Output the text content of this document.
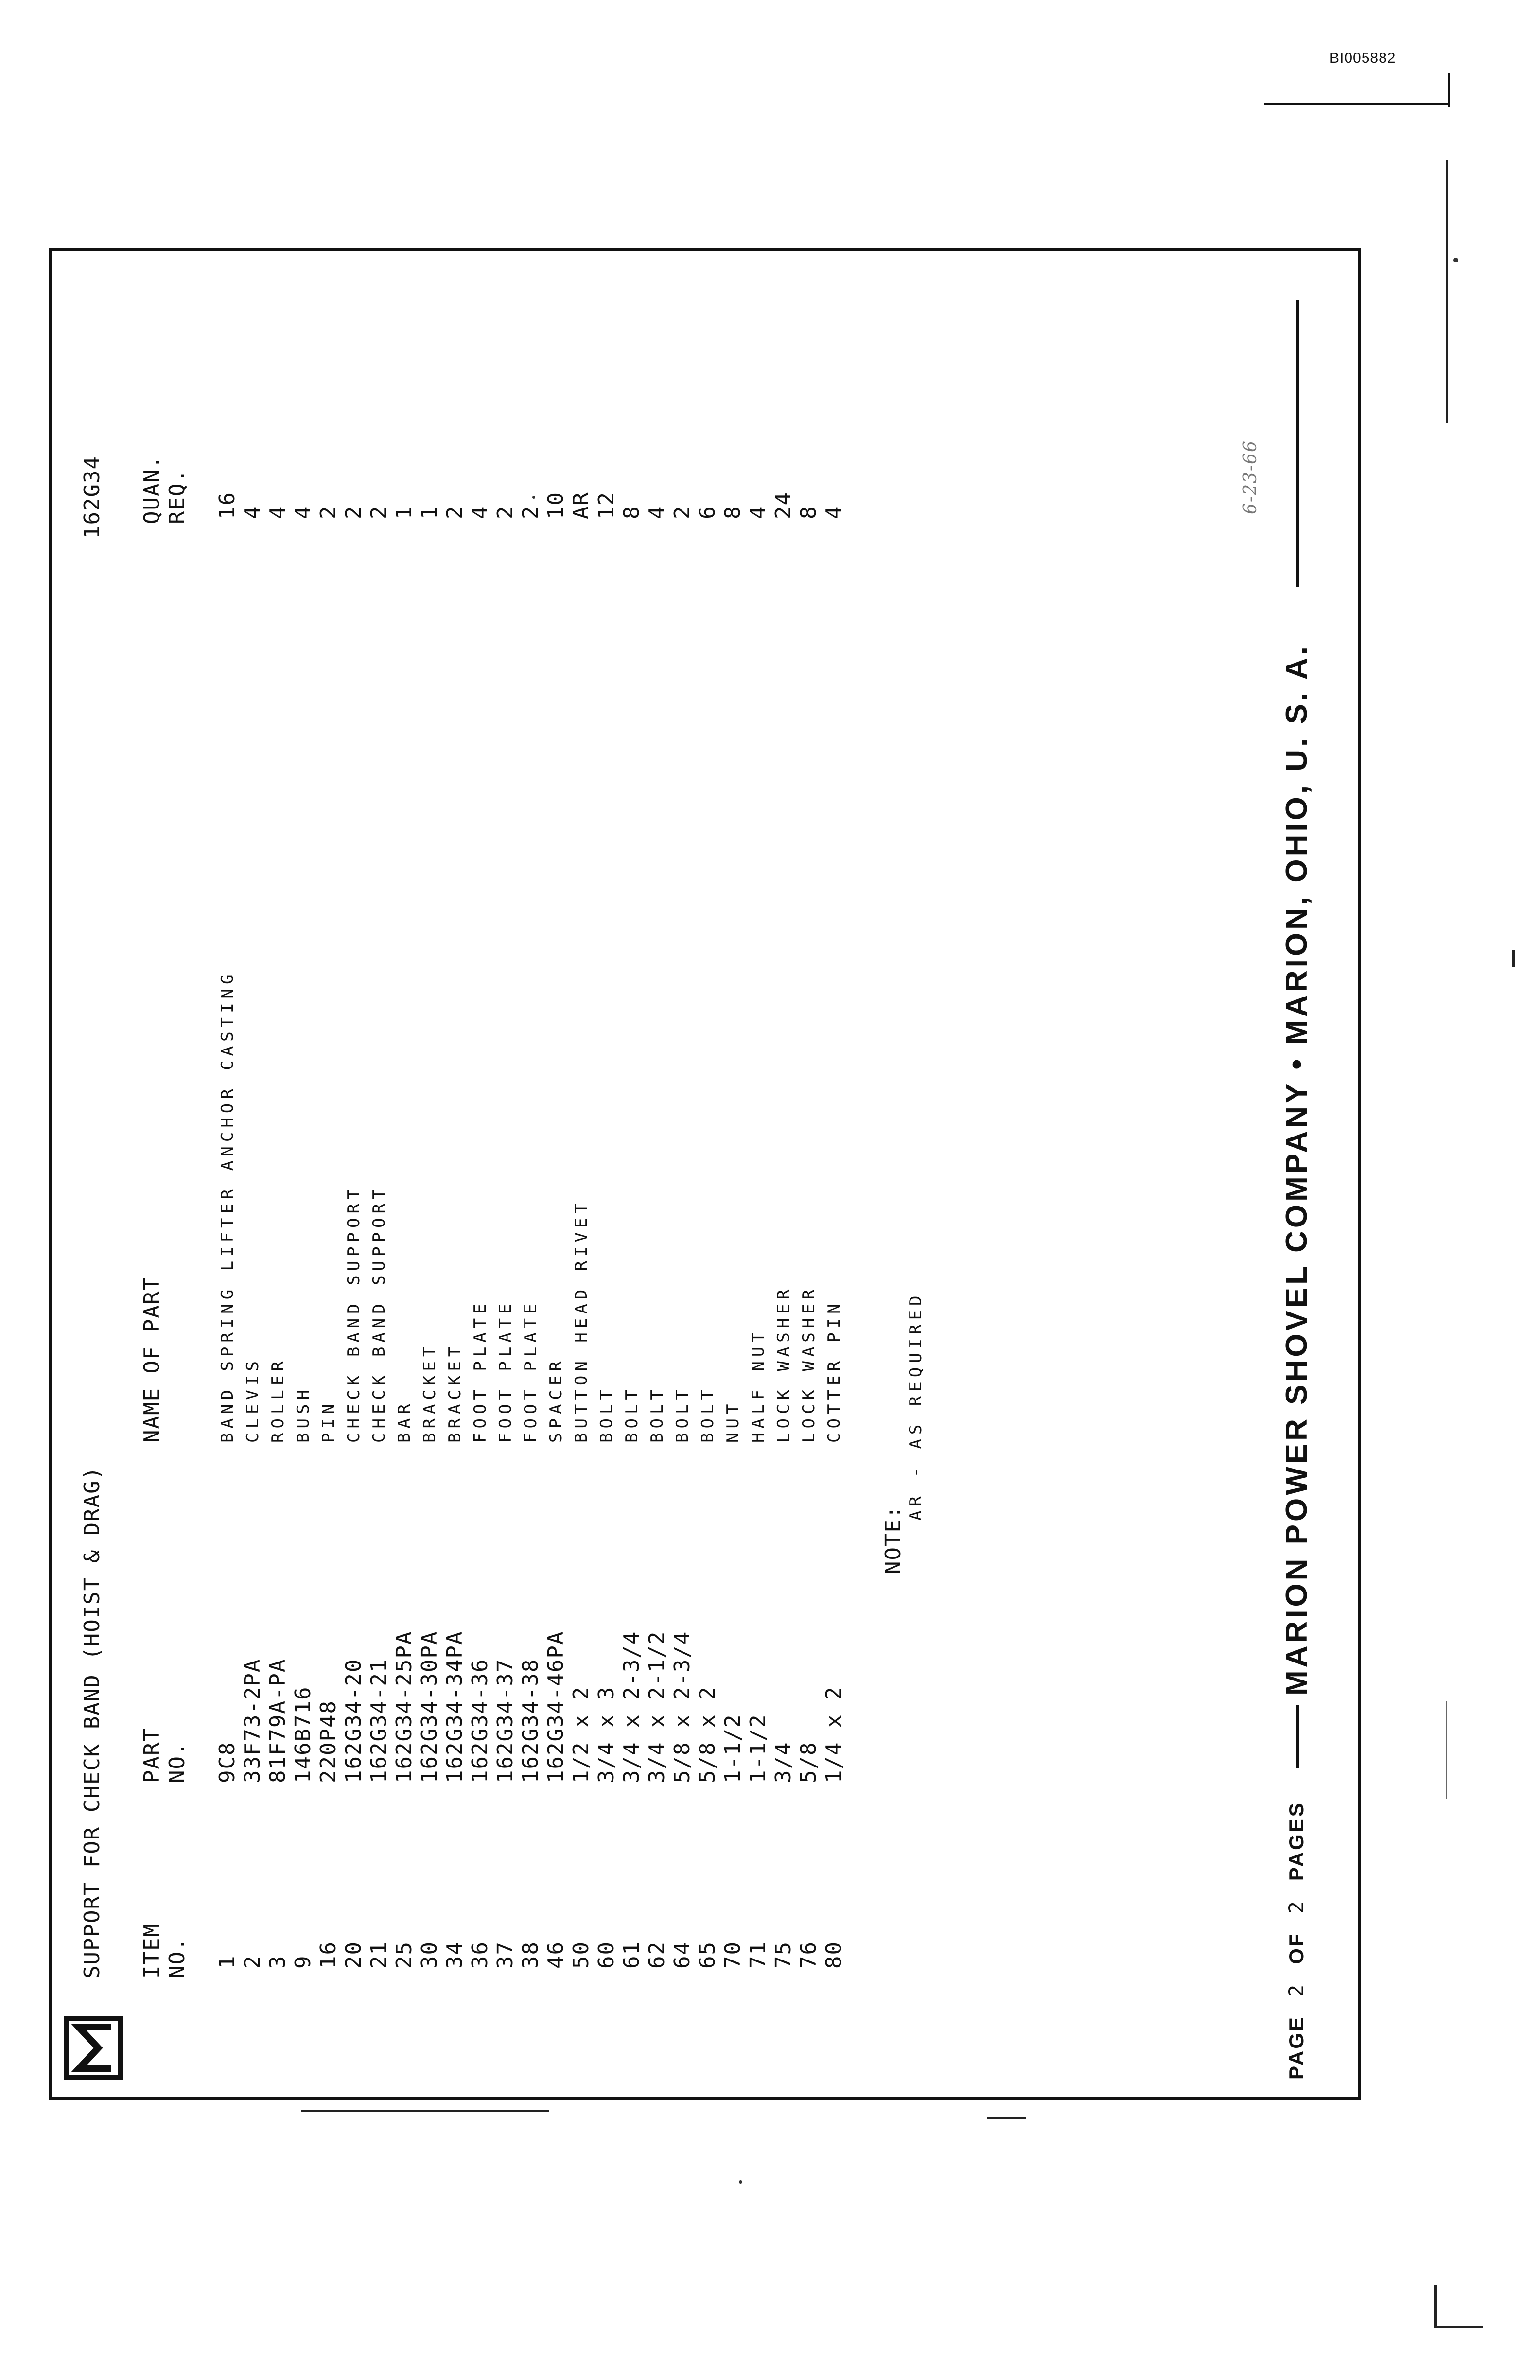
BI005882
SUPPORT FOR CHECK BAND (HOIST & DRAG)
162G34
ITEM NO.
PART NO.
NAME OF PART
QUAN. REQ.
1
9C8
BAND SPRING LIFTER ANCHOR CASTING
16
2
33F73-2PA
CLEVIS
4
3
81F79A-PA
ROLLER
4
9
146B716
BUSH
4
16
220P48
PIN
2
20
162G34-20
CHECK BAND SUPPORT
2
21
162G34-21
CHECK BAND SUPPORT
2
25
162G34-25PA
BAR
1
30
162G34-30PA
BRACKET
1
34
162G34-34PA
BRACKET
2
36
162G34-36
FOOT PLATE
4
37
162G34-37
FOOT PLATE
2
38
162G34-38
FOOT PLATE
2
46
162G34-46PA
SPACER
10
50
1/2 x 2
BUTTON HEAD RIVET
AR
60
3/4 x 3
BOLT
12
61
3/4 x 2-3/4
BOLT
8
62
3/4 x 2-1/2
BOLT
4
64
5/8 x 2-3/4
BOLT
2
65
5/8 x 2
BOLT
6
70
1-1/2
NUT
8
71
1-1/2
HALF NUT
4
75
3/4
LOCK WASHER
24
76
5/8
LOCK WASHER
8
80
1/4 x 2
COTTER PIN
4
NOTE:
AR - AS REQUIRED
PAGE2OF2PAGES
MARION POWER SHOVEL COMPANY • MARION, OHIO, U. S. A.
6-23-66
